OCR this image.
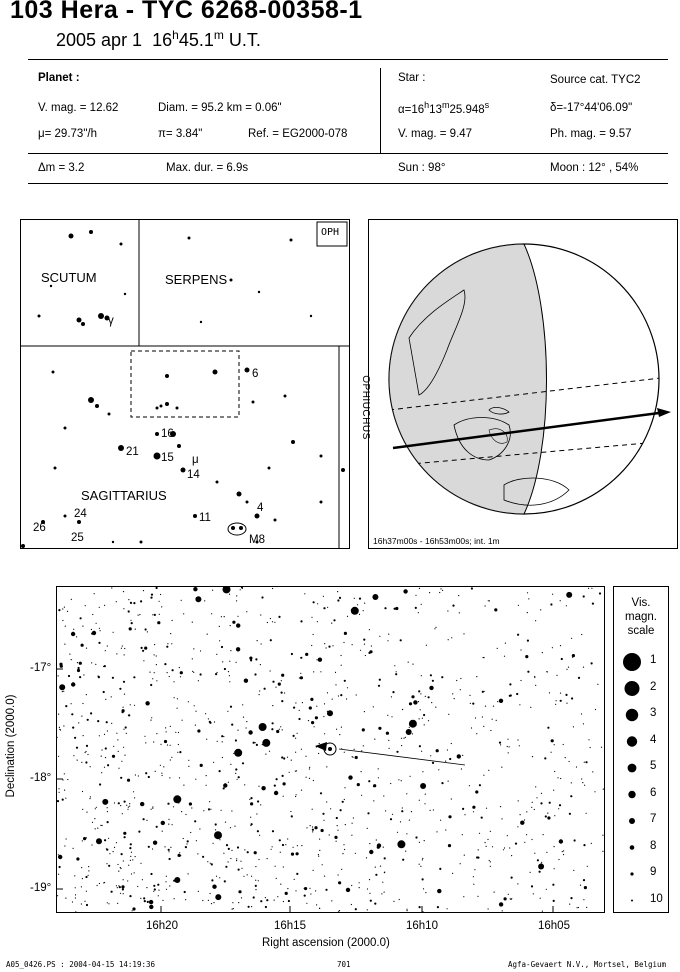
103 Hera - TYC 6268-00358-1
2005 apr 1 16$^h$45.1$^m$ U.T.
Planet :
V. mag. = 12.62	Diam. = 95.2 km = 0.06"
μ= 29.73"/h	π= 3.84"	Ref. = EG2000-078
Star :	Source cat. TYC2
$\alpha=16^h13^m25.948^s$	δ=-17°44'06.09"
V. mag. = 9.47	Ph. mag. = 9.57
Δm = 3.2	Max. dur. = 6.9s	Sun : 98°	Moon : 12° , 54%
OPH
SCUTUM	SERPENS
SAGITTARIUS
OPHIUCHUS
γ
6
16
21 15 μ
14
4
11
24
26
25	M8	16h37m00s - 16h53m00s; int. 1m
-17°
-18°
-19°
16h20	16h15	16h10	16h05
Right ascension (2000.0)
Declination (2000.0)
Vis.
magn.
scale
1
2
3
4
5
6
7
8
9
10
A05_0426.PS : 2004-04-15 14:19:36	701	Agfa-Gevaert N.V., Mortsel, Belgium
